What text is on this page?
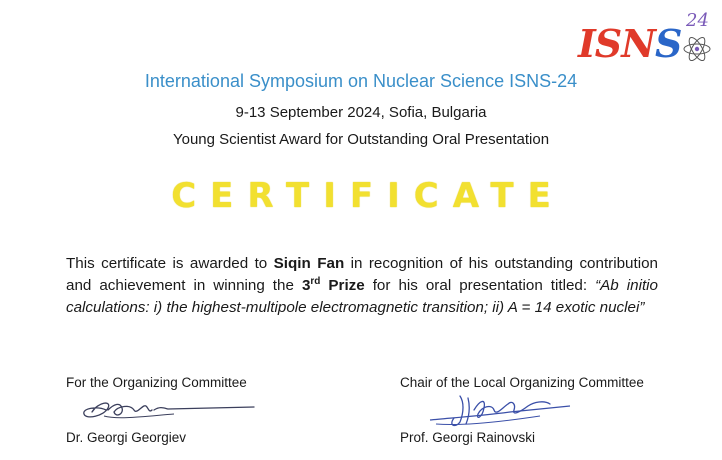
ISNS
24
International Symposium on Nuclear Science ISNS-24
9-13 September 2024, Sofia, Bulgaria
Young Scientist Award for Outstanding Oral Presentation
CERTIFICATE
This certificate is awarded to Siqin Fan in recognition of his outstanding contribution and achievement in winning the 3rd Prize for his oral presentation titled: “Ab initio calculations: i) the highest-multipole electromagnetic transition; ii) A = 14 exotic nuclei”
For the Organizing Committee	Chair of the Local Organizing Committee
Dr. Georgi Georgiev	Prof. Georgi Rainovski
